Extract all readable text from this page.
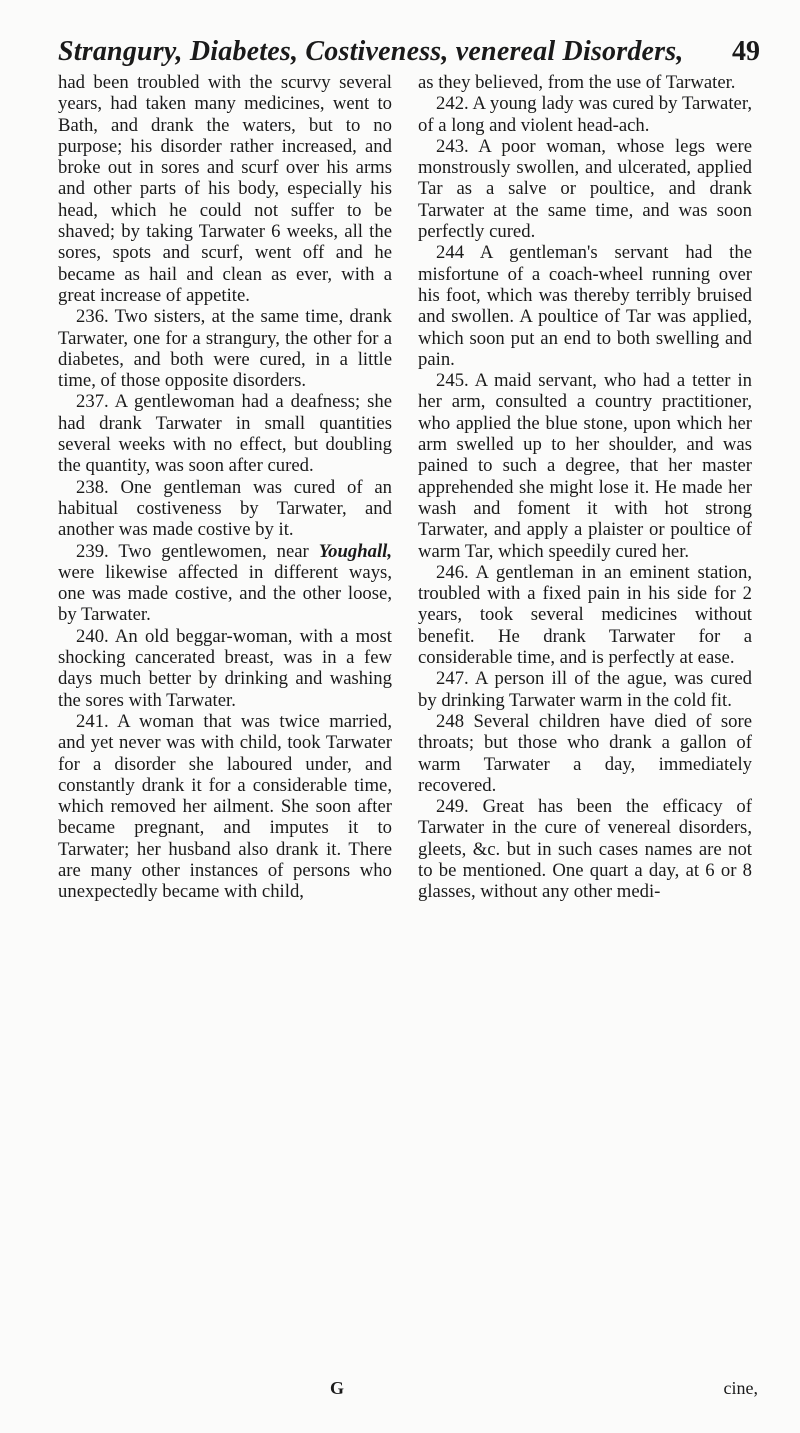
Strangury, Diabetes, Costiveness, venereal Disorders, 49

had been troubled with the scurvy several years, had taken many medicines, went to Bath, and drank the waters, but to no purpose; his disorder rather increased, and broke out in sores and scurf over his arms and other parts of his body, especially his head, which he could not suffer to be shaved; by taking Tarwater 6 weeks, all the sores, spots and scurf, went off and he became as hail and clean as ever, with a great increase of appetite.

236. Two sisters, at the same time, drank Tarwater, one for a strangury, the other for a diabetes, and both were cured, in a little time, of those opposite disorders.

237. A gentlewoman had a deafness; she had drank Tarwater in small quantities several weeks with no effect, but doubling the quantity, was soon after cured.

238. One gentleman was cured of an habitual costiveness by Tarwater, and another was made costive by it.

239. Two gentlewomen, near Youghall, were likewise affected in different ways, one was made costive, and the other loose, by Tarwater.

240. An old beggar-woman, with a most shocking cancerated breast, was in a few days much better by drinking and washing the sores with Tarwater.

241. A woman that was twice married, and yet never was with child, took Tarwater for a disorder she laboured under, and constantly drank it for a considerable time, which removed her ailment. She soon after became pregnant, and imputes it to Tarwater; her husband also drank it. There are many other instances of persons who unexpectedly became with child,

as they believed, from the use of Tarwater.

242. A young lady was cured by Tarwater, of a long and violent head-ach.

243. A poor woman, whose legs were monstrously swollen, and ulcerated, applied Tar as a salve or poultice, and drank Tarwater at the same time, and was soon perfectly cured.

244 A gentleman's servant had the misfortune of a coach-wheel running over his foot, which was thereby terribly bruised and swollen. A poultice of Tar was applied, which soon put an end to both swelling and pain.

245. A maid servant, who had a tetter in her arm, consulted a country practitioner, who applied the blue stone, upon which her arm swelled up to her shoulder, and was pained to such a degree, that her master apprehended she might lose it. He made her wash and foment it with hot strong Tarwater, and apply a plaister or poultice of warm Tar, which speedily cured her.

246. A gentleman in an eminent station, troubled with a fixed pain in his side for 2 years, took several medicines without benefit. He drank Tarwater for a considerable time, and is perfectly at ease.

247. A person ill of the ague, was cured by drinking Tarwater warm in the cold fit.

248 Several children have died of sore throats; but those who drank a gallon of warm Tarwater a day, immediately recovered.

249. Great has been the efficacy of Tarwater in the cure of venereal disorders, gleets, &c. but in such cases names are not to be mentioned. One quart a day, at 6 or 8 glasses, without any other medi-

G	cine,
